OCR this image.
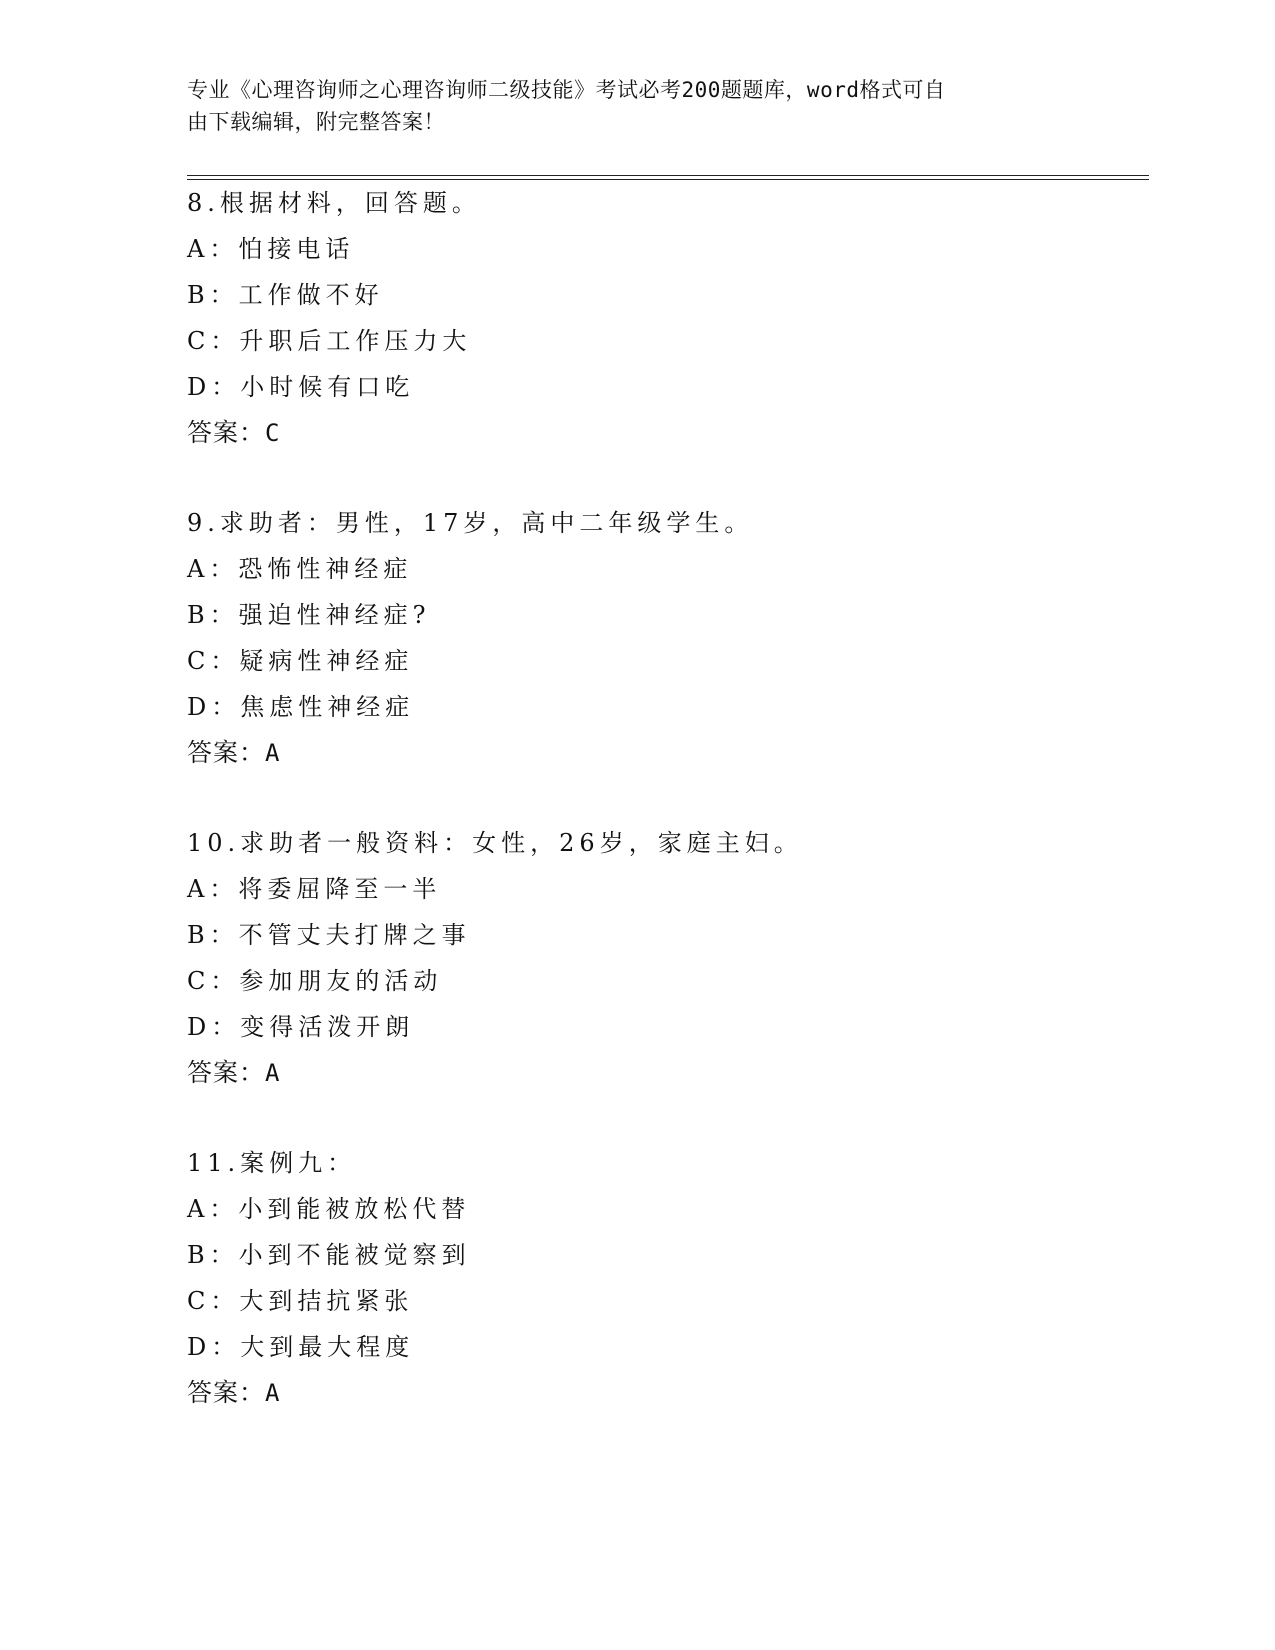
专业《心理咨询师之心理咨询师二级技能》考试必考200题题库，word格式可自
由下载编辑，附完整答案！
8.根据材料，回答题。
A：怕接电话
B：工作做不好
C：升职后工作压力大
D：小时候有口吃
答案：C
9.求助者：男性，17岁，高中二年级学生。
A：恐怖性神经症
B：强迫性神经症?
C：疑病性神经症
D：焦虑性神经症
答案：A
10.求助者一般资料：女性，26岁，家庭主妇。
A：将委屈降至一半
B：不管丈夫打牌之事
C：参加朋友的活动
D：变得活泼开朗
答案：A
11.案例九：
A：小到能被放松代替
B：小到不能被觉察到
C：大到拮抗紧张
D：大到最大程度
答案：A
